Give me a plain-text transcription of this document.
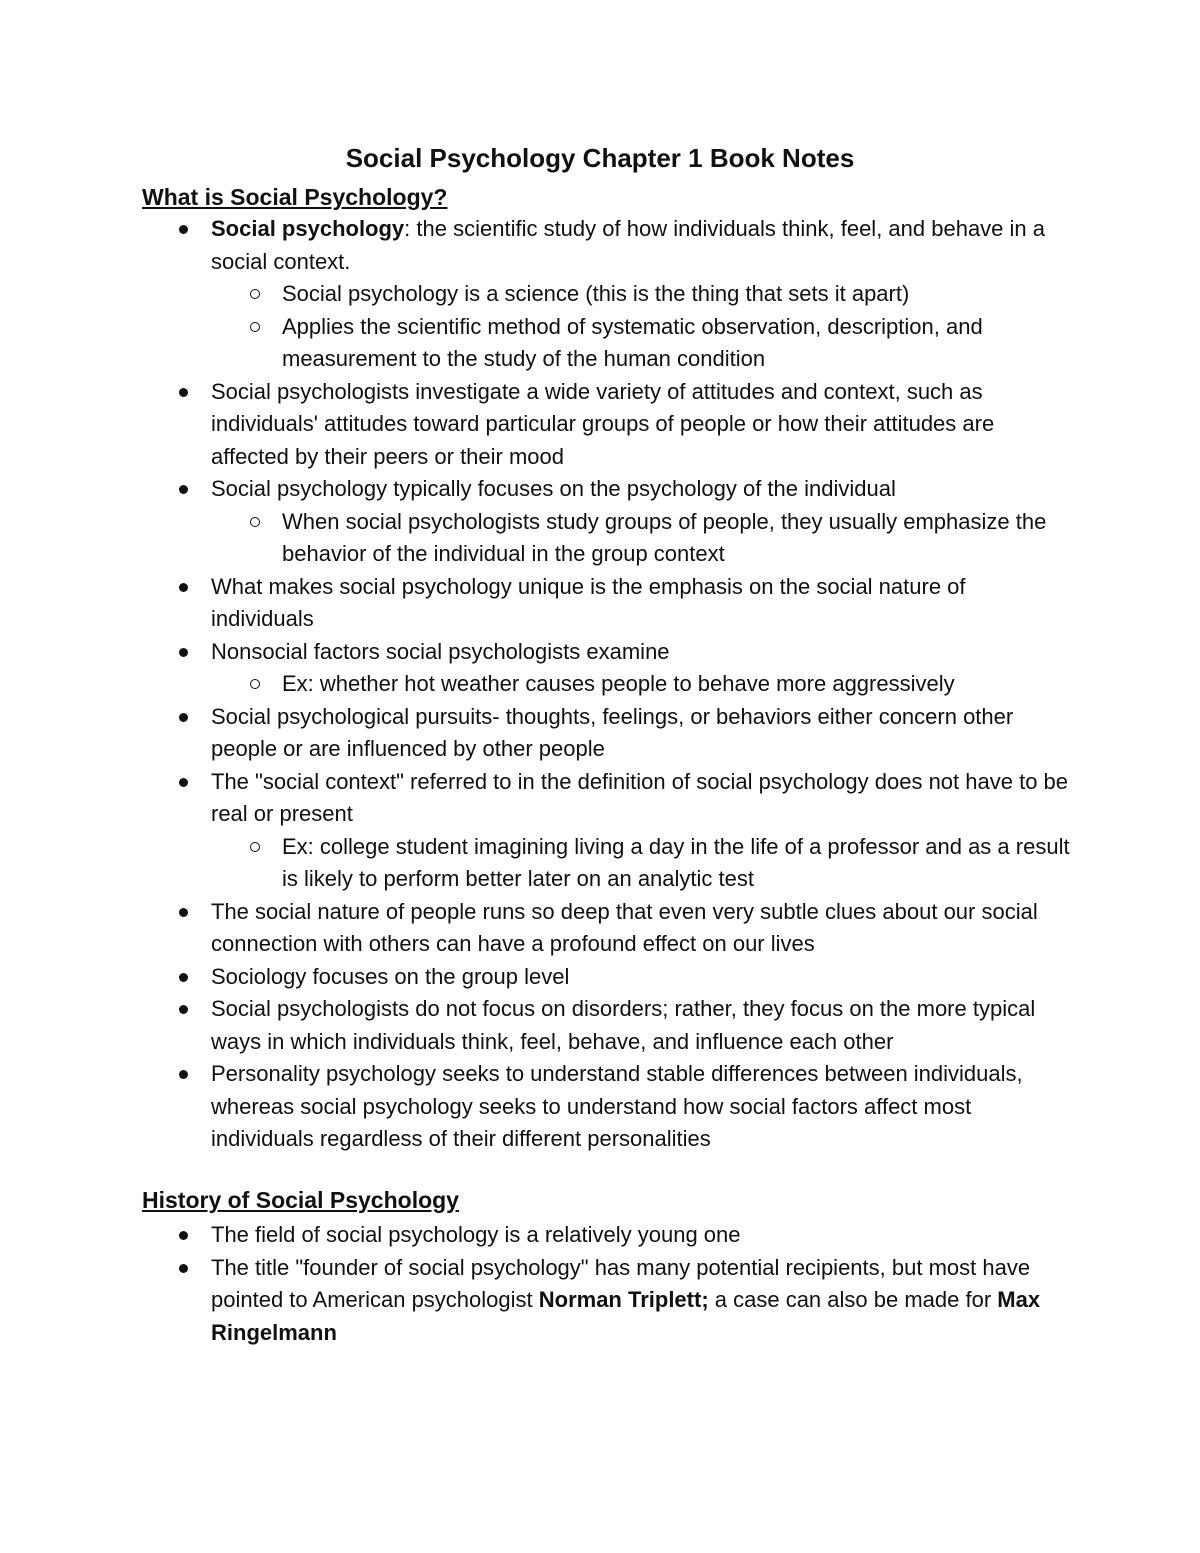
Social Psychology Chapter 1 Book Notes
What is Social Psychology?
Social psychology: the scientific study of how individuals think, feel, and behave in a social context.
Social psychology is a science (this is the thing that sets it apart)
Applies the scientific method of systematic observation, description, and measurement to the study of the human condition
Social psychologists investigate a wide variety of attitudes and context, such as individuals' attitudes toward particular groups of people or how their attitudes are affected by their peers or their mood
Social psychology typically focuses on the psychology of the individual
When social psychologists study groups of people, they usually emphasize the behavior of the individual in the group context
What makes social psychology unique is the emphasis on the social nature of individuals
Nonsocial factors social psychologists examine
Ex: whether hot weather causes people to behave more aggressively
Social psychological pursuits- thoughts, feelings, or behaviors either concern other people or are influenced by other people
The "social context" referred to in the definition of social psychology does not have to be real or present
Ex: college student imagining living a day in the life of a professor and as a result is likely to perform better later on an analytic test
The social nature of people runs so deep that even very subtle clues about our social connection with others can have a profound effect on our lives
Sociology focuses on the group level
Social psychologists do not focus on disorders; rather, they focus on the more typical ways in which individuals think, feel, behave, and influence each other
Personality psychology seeks to understand stable differences between individuals, whereas social psychology seeks to understand how social factors affect most individuals regardless of their different personalities
History of Social Psychology
The field of social psychology is a relatively young one
The title "founder of social psychology" has many potential recipients, but most have pointed to American psychologist Norman Triplett; a case can also be made for Max Ringelmann
